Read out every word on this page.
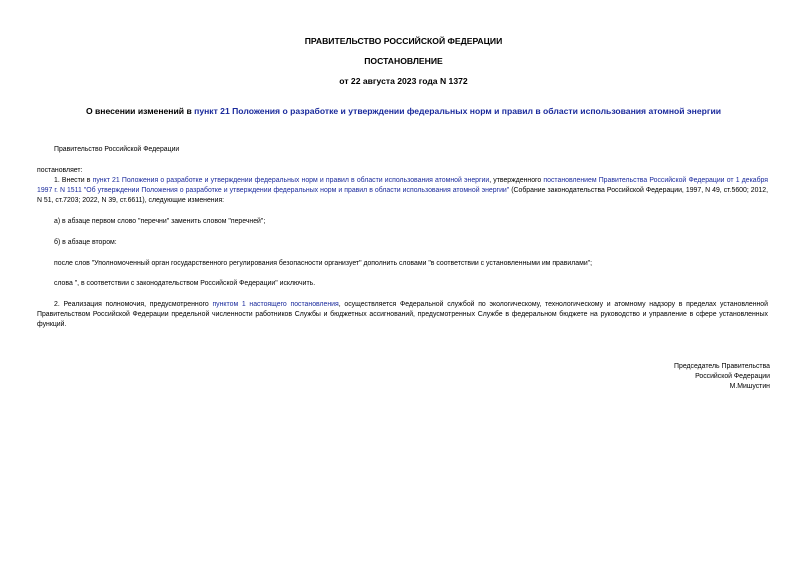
ПРАВИТЕЛЬСТВО РОССИЙСКОЙ ФЕДЕРАЦИИ
ПОСТАНОВЛЕНИЕ
от 22 августа 2023 года N 1372
О внесении изменений в пункт 21 Положения о разработке и утверждении федеральных норм и правил в области использования атомной энергии
Правительство Российской Федерации
постановляет:
1. Внести в пункт 21 Положения о разработке и утверждении федеральных норм и правил в области использования атомной энергии, утвержденного постановлением Правительства Российской Федерации от 1 декабря 1997 г. N 1511 "Об утверждении Положения о разработке и утверждении федеральных норм и правил в области использования атомной энергии" (Собрание законодательства Российской Федерации, 1997, N 49, ст.5600; 2012, N 51, ст.7203; 2022, N 39, ст.6611), следующие изменения:
а) в абзаце первом слово "перечни" заменить словом "перечней";
б) в абзаце втором:
после слов "Уполномоченный орган государственного регулирования безопасности организует" дополнить словами "в соответствии с установленными им правилами";
слова ", в соответствии с законодательством Российской Федерации" исключить.
2. Реализация полномочия, предусмотренного пунктом 1 настоящего постановления, осуществляется Федеральной службой по экологическому, технологическому и атомному надзору в пределах установленной Правительством Российской Федерации предельной численности работников Службы и бюджетных ассигнований, предусмотренных Службе в федеральном бюджете на руководство и управление в сфере установленных функций.
Председатель Правительства
Российской Федерации
М.Мишустин
